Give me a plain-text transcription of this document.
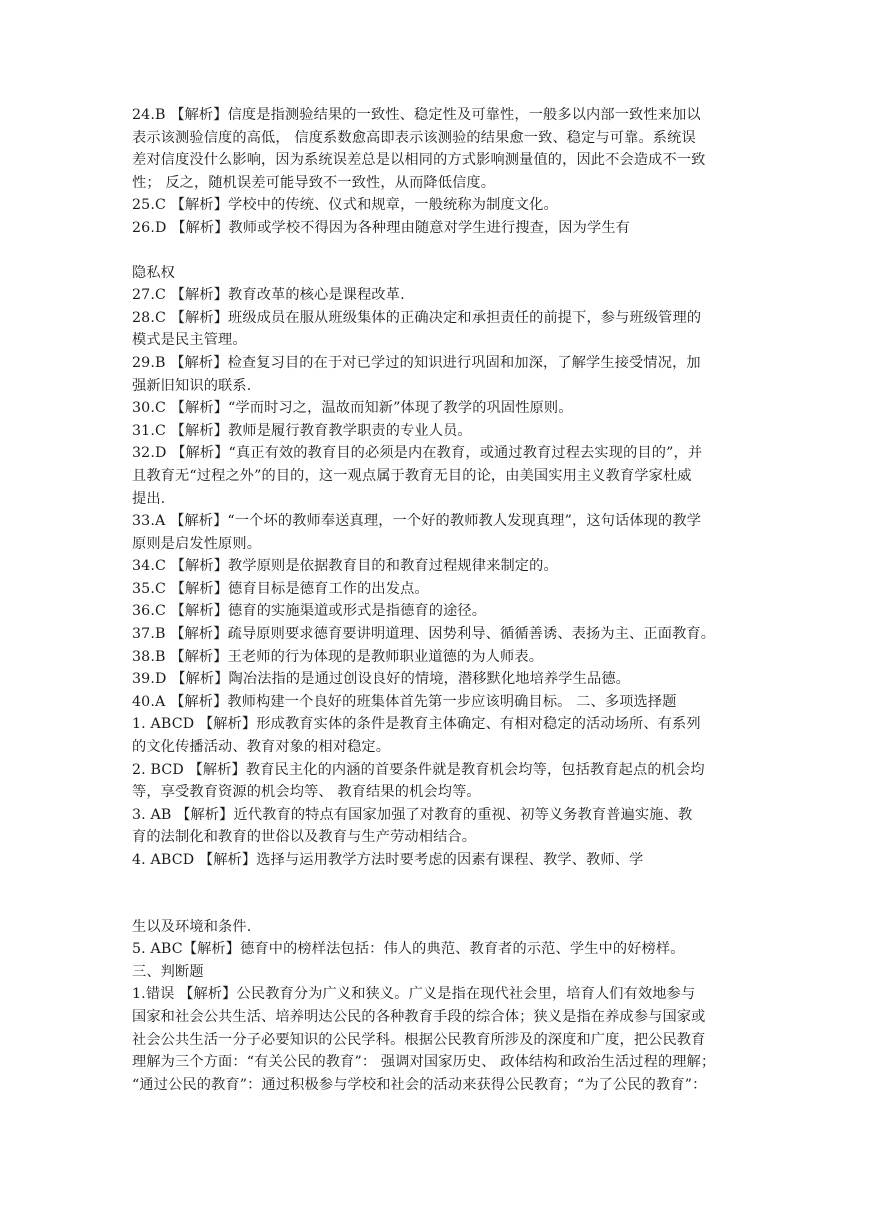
24.B 【解析】信度是指测验结果的一致性、稳定性及可靠性，一般多以内部一致性来加以
表示该测验信度的高低， 信度系数愈高即表示该测验的结果愈一致、稳定与可靠。系统误
差对信度没什么影响，因为系统误差总是以相同的方式影响测量值的，因此不会造成不一致
性； 反之，随机误差可能导致不一致性，从而降低信度。
25.C 【解析】学校中的传统、仪式和规章，一般统称为制度文化。
26.D 【解析】教师或学校不得因为各种理由随意对学生进行搜查，因为学生有
隐私权
27.C 【解析】教育改革的核心是课程改革.
28.C 【解析】班级成员在服从班级集体的正确决定和承担责任的前提下，参与班级管理的
模式是民主管理。
29.B 【解析】检查复习目的在于对已学过的知识进行巩固和加深，了解学生接受情况，加
强新旧知识的联系.
30.C 【解析】“学而时习之，温故而知新”体现了教学的巩固性原则。
31.C 【解析】教师是履行教育教学职责的专业人员。
32.D 【解析】“真正有效的教育目的必须是内在教育，或通过教育过程去实现的目的”，并
且教育无“过程之外”的目的，这一观点属于教育无目的论，由美国实用主义教育学家杜威
提出.
33.A 【解析】“一个坏的教师奉送真理，一个好的教师教人发现真理”，这句话体现的教学
原则是启发性原则。
34.C 【解析】教学原则是依据教育目的和教育过程规律来制定的。
35.C 【解析】德育目标是德育工作的出发点。
36.C 【解析】德育的实施渠道或形式是指德育的途径。
37.B 【解析】疏导原则要求德育要讲明道理、因势利导、循循善诱、表扬为主、正面教育。
38.B 【解析】王老师的行为体现的是教师职业道德的为人师表。
39.D 【解析】陶冶法指的是通过创设良好的情境，潜移默化地培养学生品德。
40.A 【解析】教师构建一个良好的班集体首先第一步应该明确目标。 二、多项选择题
1. ABCD 【解析】形成教育实体的条件是教育主体确定、有相对稳定的活动场所、有系列
的文化传播活动、教育对象的相对稳定。
2. BCD 【解析】教育民主化的内涵的首要条件就是教育机会均等，包括教育起点的机会均
等，享受教育资源的机会均等、 教育结果的机会均等。
3. AB 【解析】近代教育的特点有国家加强了对教育的重视、初等义务教育普遍实施、教
育的法制化和教育的世俗以及教育与生产劳动相结合。
4. ABCD 【解析】选择与运用教学方法时要考虑的因素有课程、教学、教师、学
生以及环境和条件.
5. ABC【解析】德育中的榜样法包括：伟人的典范、教育者的示范、学生中的好榜样。
三、判断题
1.错误 【解析】公民教育分为广义和狭义。广义是指在现代社会里，培育人们有效地参与
国家和社会公共生活、培养明达公民的各种教育手段的综合体；狭义是指在养成参与国家或
社会公共生活一分子必要知识的公民学科。根据公民教育所涉及的深度和广度，把公民教育
理解为三个方面：“有关公民的教育”： 强调对国家历史、 政体结构和政治生活过程的理解；
“通过公民的教育”：通过积极参与学校和社会的活动来获得公民教育；“为了公民的教育”：
